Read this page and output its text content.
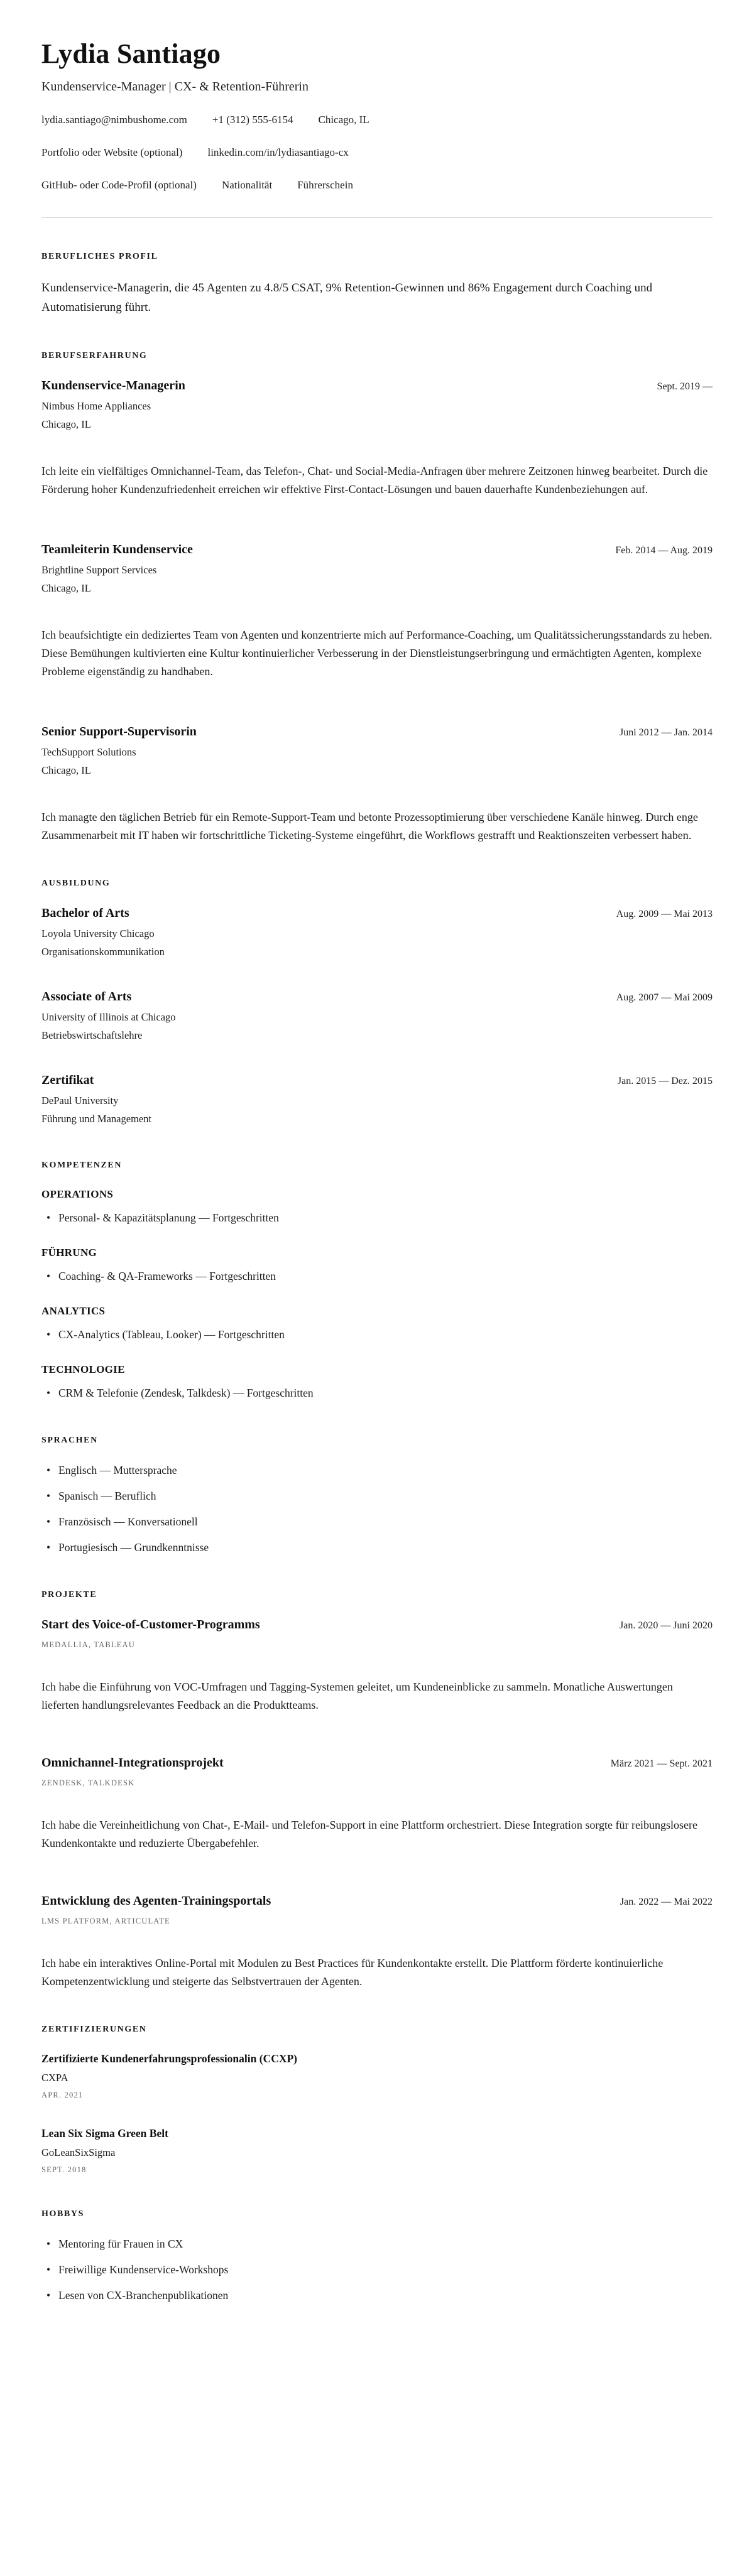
Lydia Santiago
Kundenservice-Manager | CX- & Retention-Führerin
lydia.santiago@nimbushome.com +1 (312) 555-6154 Chicago, IL
Portfolio oder Website (optional) linkedin.com/in/lydiasantiago-cx
GitHub- oder Code-Profil (optional) Nationalität Führerschein
BERUFLICHES PROFIL

Kundenservice-Managerin, die 45 Agenten zu 4.8/5 CSAT, 9% Retention-Gewinnen und 86% Engagement durch Coaching und Automatisierung führt.

BERUFSERFAHRUNG
Kundenservice-Managerin	Sept. 2019 —
Nimbus Home Appliances
Chicago, IL

Ich leite ein vielfältiges Omnichannel-Team, das Telefon-, Chat- und Social-Media-Anfragen über mehrere Zeitzonen hinweg bearbeitet. Durch die Förderung hoher Kundenzufriedenheit erreichen wir effektive First-Contact-Lösungen und bauen dauerhafte Kundenbeziehungen auf.

Teamleiterin Kundenservice	Feb. 2014 — Aug. 2019
Brightline Support Services
Chicago, IL

Ich beaufsichtigte ein dediziertes Team von Agenten und konzentrierte mich auf Performance-Coaching, um Qualitätssicherungsstandards zu heben. Diese Bemühungen kultivierten eine Kultur kontinuierlicher Verbesserung in der Dienstleistungserbringung und ermächtigten Agenten, komplexe Probleme eigenständig zu handhaben.

Senior Support-Supervisorin	Juni 2012 — Jan. 2014
TechSupport Solutions
Chicago, IL

Ich managte den täglichen Betrieb für ein Remote-Support-Team und betonte Prozessoptimierung über verschiedene Kanäle hinweg. Durch enge Zusammenarbeit mit IT haben wir fortschrittliche Ticketing-Systeme eingeführt, die Workflows gestrafft und Reaktionszeiten verbessert haben.

AUSBILDUNG
Bachelor of Arts	Aug. 2009 — Mai 2013
Loyola University Chicago
Organisationskommunikation
Associate of Arts	Aug. 2007 — Mai 2009
University of Illinois at Chicago
Betriebswirtschaftslehre
Zertifikat	Jan. 2015 — Dez. 2015
DePaul University
Führung und Management
KOMPETENZEN
OPERATIONS
• Personal- & Kapazitätsplanung — Fortgeschritten
FÜHRUNG
• Coaching- & QA-Frameworks — Fortgeschritten
ANALYTICS
• CX-Analytics (Tableau, Looker) — Fortgeschritten
TECHNOLOGIE
• CRM & Telefonie (Zendesk, Talkdesk) — Fortgeschritten
SPRACHEN
• Englisch — Muttersprache
• Spanisch — Beruflich
• Französisch — Konversationell
• Portugiesisch — Grundkenntnisse
PROJEKTE
Start des Voice-of-Customer-Programms	Jan. 2020 — Juni 2020
MEDALLIA, TABLEAU

Ich habe die Einführung von VOC-Umfragen und Tagging-Systemen geleitet, um Kundeneinblicke zu sammeln. Monatliche Auswertungen lieferten handlungsrelevantes Feedback an die Produktteams.

Omnichannel-Integrationsprojekt	März 2021 — Sept. 2021
ZENDESK, TALKDESK

Ich habe die Vereinheitlichung von Chat-, E-Mail- und Telefon-Support in eine Plattform orchestriert. Diese Integration sorgte für reibungslosere Kundenkontakte und reduzierte Übergabefehler.

Entwicklung des Agenten-Trainingsportals	Jan. 2022 — Mai 2022
LMS PLATFORM, ARTICULATE

Ich habe ein interaktives Online-Portal mit Modulen zu Best Practices für Kundenkontakte erstellt. Die Plattform förderte kontinuierliche Kompetenzentwicklung und steigerte das Selbstvertrauen der Agenten.

ZERTIFIZIERUNGEN
Zertifizierte Kundenerfahrungsprofessionalin (CCXP)
CXPA
APR. 2021
Lean Six Sigma Green Belt
GoLeanSixSigma
SEPT. 2018
HOBBYS
• Mentoring für Frauen in CX
• Freiwillige Kundenservice-Workshops
• Lesen von CX-Branchenpublikationen
